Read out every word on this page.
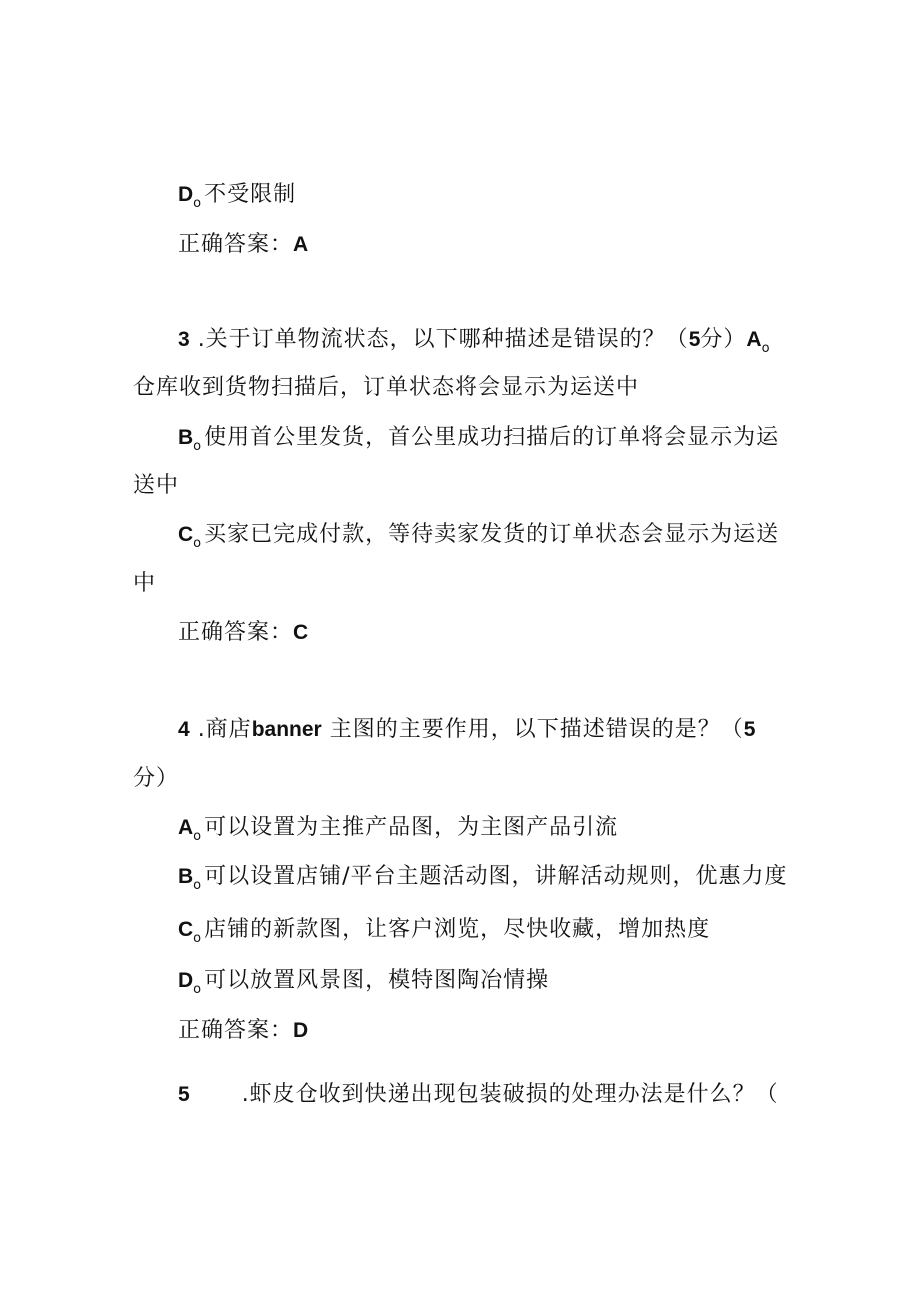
$D_o$不受限制
正确答案：A
3 .关于订单物流状态，以下哪种描述是错误的？（5分）$A_o$
仓库收到货物扫描后，订单状态将会显示为运送中
$B_o$使用首公里发货，首公里成功扫描后的订单将会显示为运
送中
$C_o$买家已完成付款，等待卖家发货的订单状态会显示为运送
中
正确答案：C
4 .商店banner 主图的主要作用，以下描述错误的是？（5
分）
$A_o$可以设置为主推产品图，为主图产品引流
$B_o$可以设置店铺/平台主题活动图，讲解活动规则，优惠力度
$C_o$店铺的新款图，让客户浏览，尽快收藏，增加热度
$D_o$可以放置风景图，模特图陶冶情操
正确答案：D
5 .虾皮仓收到快递出现包装破损的处理办法是什么？（
